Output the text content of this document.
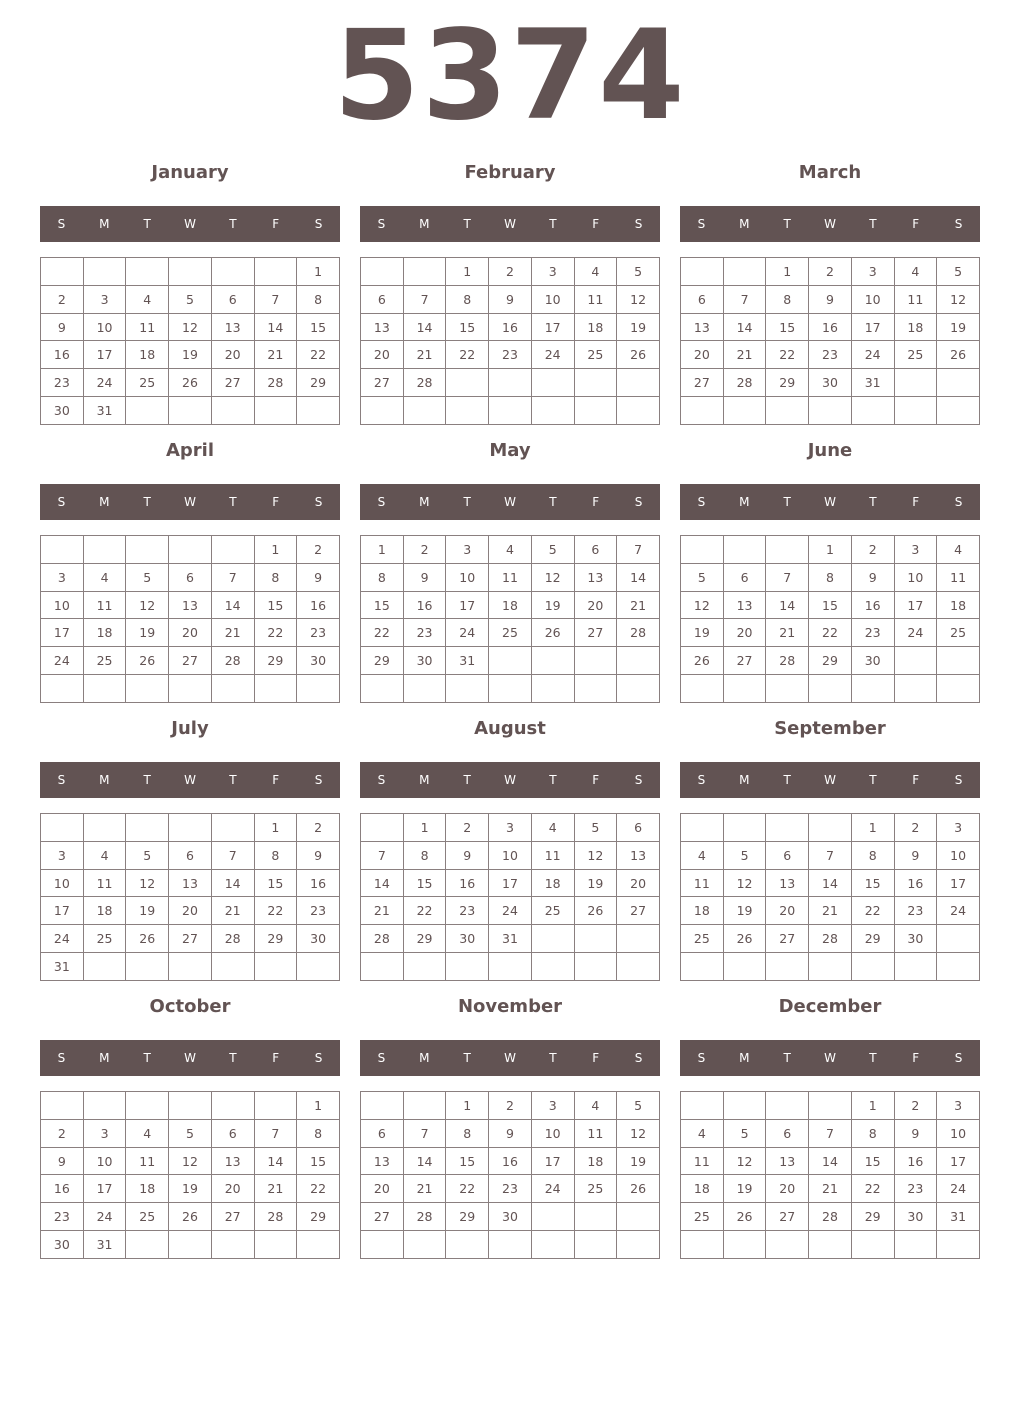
5374
January
S	M	T	W	T	F	S
						1
2	3	4	5	6	7	8
9	10	11	12	13	14	15
16	17	18	19	20	21	22
23	24	25	26	27	28	29
30	31					
February
S	M	T	W	T	F	S
		1	2	3	4	5
6	7	8	9	10	11	12
13	14	15	16	17	18	19
20	21	22	23	24	25	26
27	28					

March
S	M	T	W	T	F	S
		1	2	3	4	5
6	7	8	9	10	11	12
13	14	15	16	17	18	19
20	21	22	23	24	25	26
27	28	29	30	31		

April
S	M	T	W	T	F	S
					1	2
3	4	5	6	7	8	9
10	11	12	13	14	15	16
17	18	19	20	21	22	23
24	25	26	27	28	29	30

May
S	M	T	W	T	F	S
1	2	3	4	5	6	7
8	9	10	11	12	13	14
15	16	17	18	19	20	21
22	23	24	25	26	27	28
29	30	31				

June
S	M	T	W	T	F	S
			1	2	3	4
5	6	7	8	9	10	11
12	13	14	15	16	17	18
19	20	21	22	23	24	25
26	27	28	29	30		

July
S	M	T	W	T	F	S
					1	2
3	4	5	6	7	8	9
10	11	12	13	14	15	16
17	18	19	20	21	22	23
24	25	26	27	28	29	30
31						
August
S	M	T	W	T	F	S
	1	2	3	4	5	6
7	8	9	10	11	12	13
14	15	16	17	18	19	20
21	22	23	24	25	26	27
28	29	30	31			

September
S	M	T	W	T	F	S
				1	2	3
4	5	6	7	8	9	10
11	12	13	14	15	16	17
18	19	20	21	22	23	24
25	26	27	28	29	30	

October
S	M	T	W	T	F	S
						1
2	3	4	5	6	7	8
9	10	11	12	13	14	15
16	17	18	19	20	21	22
23	24	25	26	27	28	29
30	31					
November
S	M	T	W	T	F	S
		1	2	3	4	5
6	7	8	9	10	11	12
13	14	15	16	17	18	19
20	21	22	23	24	25	26
27	28	29	30			

December
S	M	T	W	T	F	S
				1	2	3
4	5	6	7	8	9	10
11	12	13	14	15	16	17
18	19	20	21	22	23	24
25	26	27	28	29	30	31
